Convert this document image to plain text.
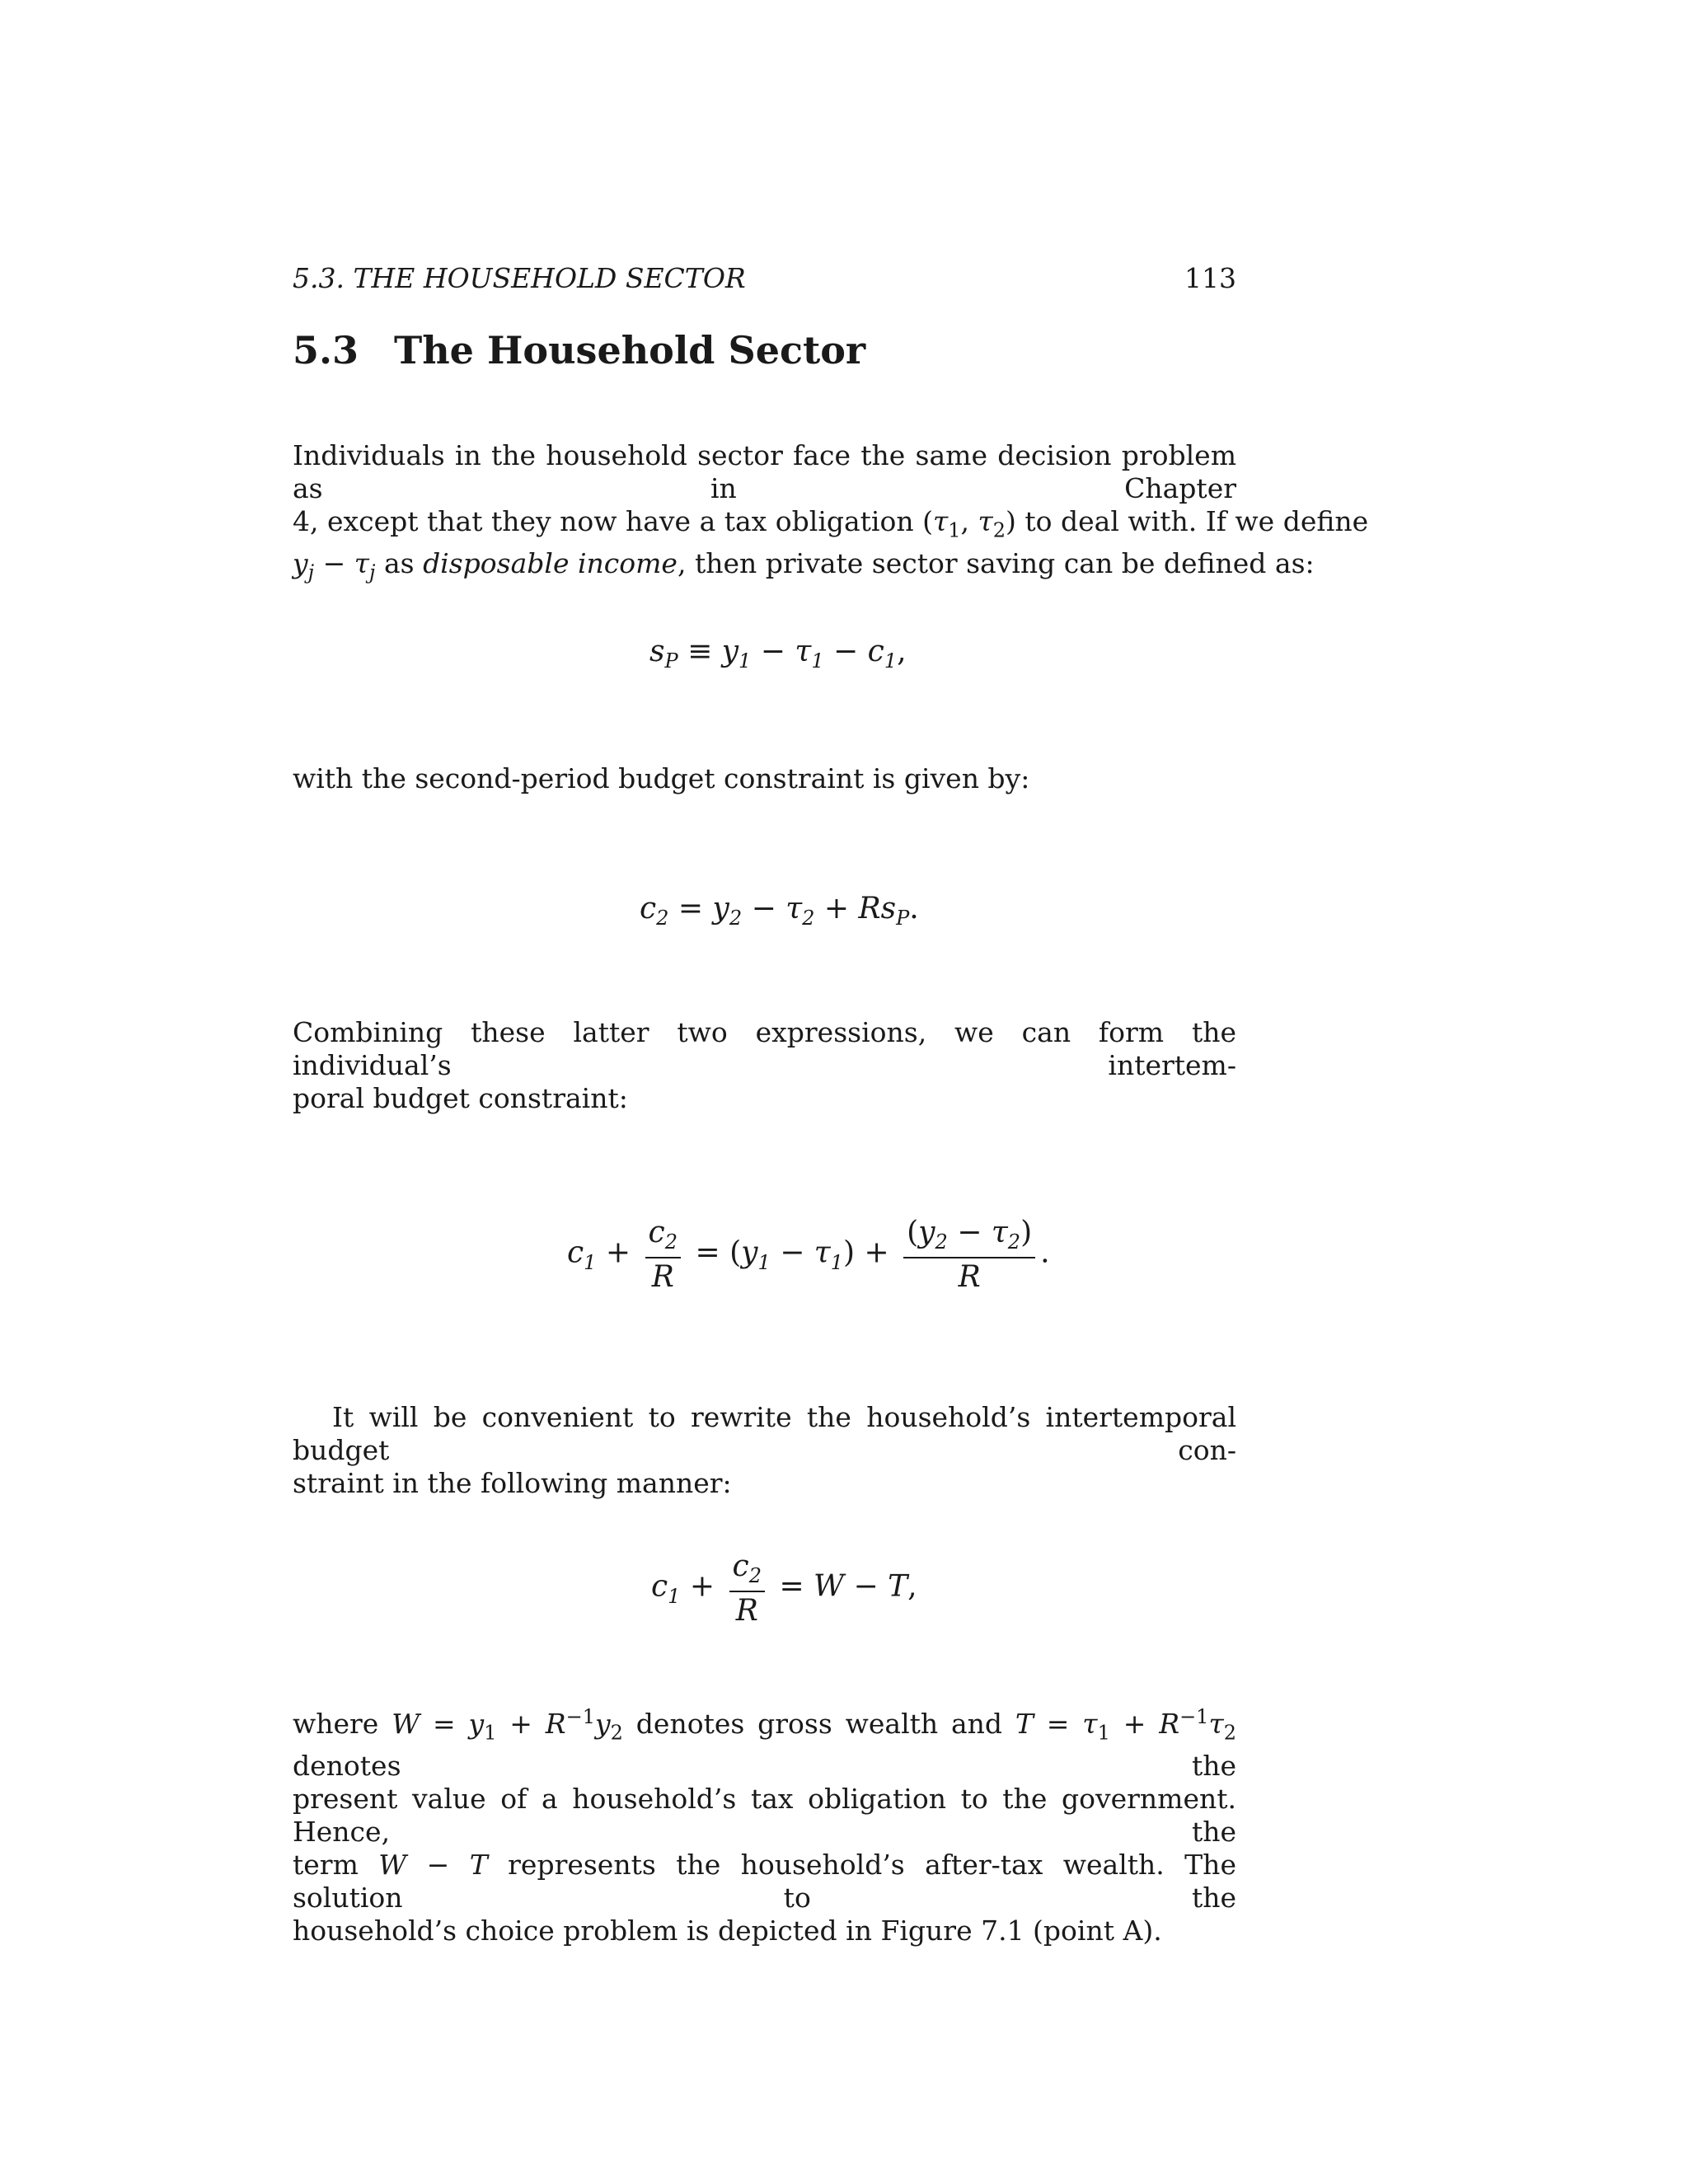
5.3. THE HOUSEHOLD SECTOR	113
5.3 The Household Sector

Individuals in the household sector face the same decision problem as in Chapter
4, except that they now have a tax obligation ($\tau_1$, $\tau_2$) to deal with. If we define
$y_j - \tau_j$ as disposable income, then private sector saving can be defined as:

$s_P \equiv y_1 - \tau_1 - c_1$,

with the second-period budget constraint is given by:

$c_2 = y_2 - \tau_2 + Rs_P$.

Combining these latter two expressions, we can form the individual’s intertem-
poral budget constraint:

$c_1 + \frac{c_2}{R} = (y_1 - \tau_1) + \frac{(y_2 - \tau_2)}{R}$ .

It will be convenient to rewrite the household’s intertemporal budget con-
straint in the following manner:

$c_1 + \frac{c_2}{R} = W - T$,

where $W = y_1 + R^{-1}y_2$ denotes gross wealth and $T = \tau_1 + R^{-1}\tau_2$ denotes the
present value of a household’s tax obligation to the government. Hence, the
term W − T represents the household’s after-tax wealth. The solution to the
household’s choice problem is depicted in Figure 7.1 (point A).
